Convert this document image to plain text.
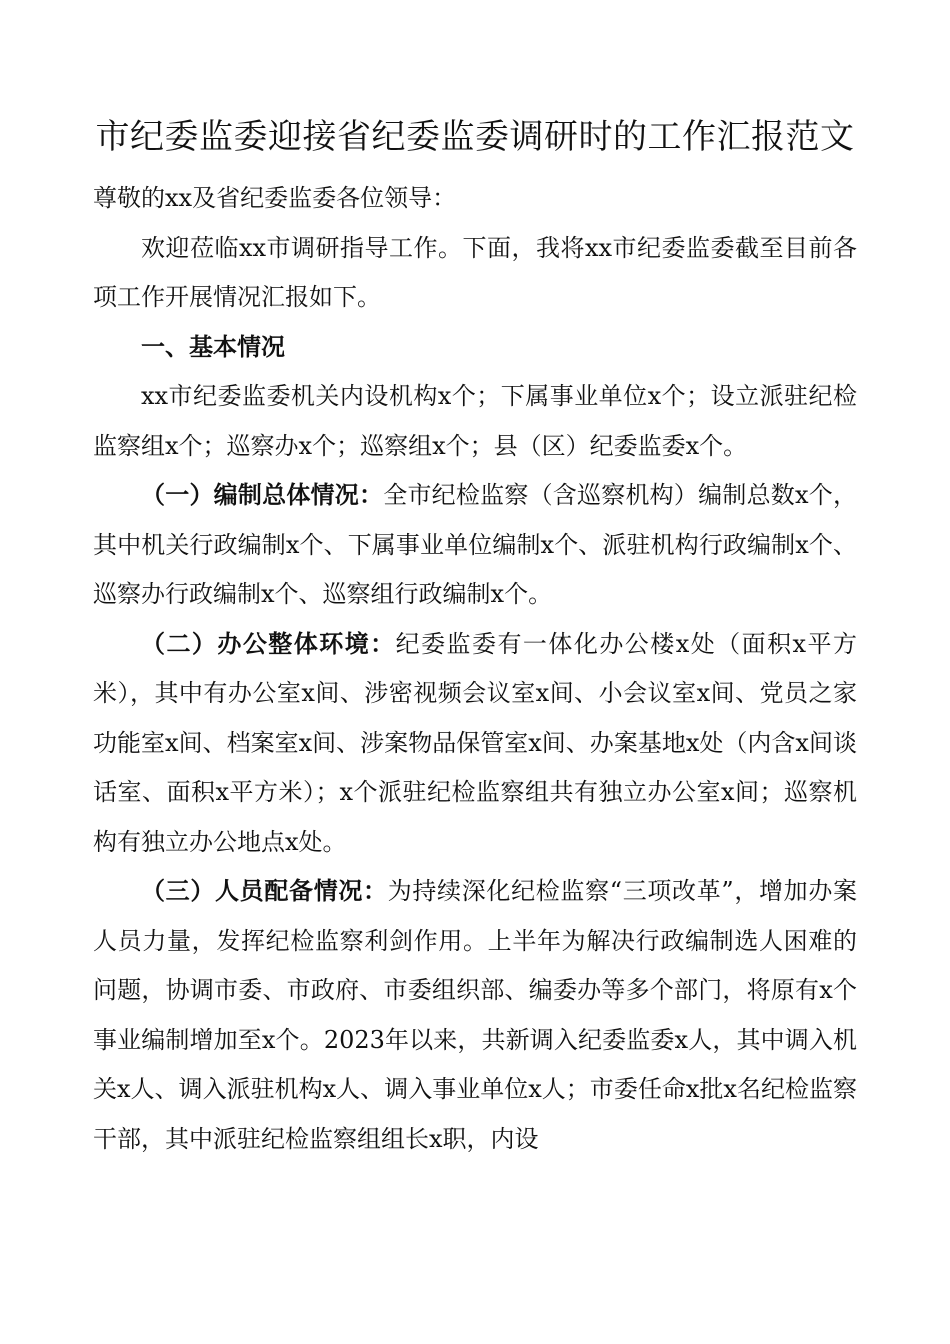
市纪委监委迎接省纪委监委调研时的工作汇报范文

尊敬的xx及省纪委监委各位领导：

欢迎莅临xx市调研指导工作。下面，我将xx市纪委监委截至目前各项工作开展情况汇报如下。

一、基本情况

xx市纪委监委机关内设机构x个；下属事业单位x个；设立派驻纪检监察组x个；巡察办x个；巡察组x个；县（区）纪委监委x个。

（一）编制总体情况：全市纪检监察（含巡察机构）编制总数x个，其中机关行政编制x个、下属事业单位编制x个、派驻机构行政编制x个、巡察办行政编制x个、巡察组行政编制x个。

（二）办公整体环境：纪委监委有一体化办公楼x处（面积x平方米），其中有办公室x间、涉密视频会议室x间、小会议室x间、党员之家功能室x间、档案室x间、涉案物品保管室x间、办案基地x处（内含x间谈话室、面积x平方米）；x个派驻纪检监察组共有独立办公室x间；巡察机构有独立办公地点x处。

（三）人员配备情况：为持续深化纪检监察“三项改革”，增加办案人员力量，发挥纪检监察利剑作用。上半年为解决行政编制选人困难的问题，协调市委、市政府、市委组织部、编委办等多个部门，将原有x个事业编制增加至x个。2023年以来，共新调入纪委监委x人，其中调入机关x人、调入派驻机构x人、调入事业单位x人；市委任命x批x名纪检监察干部，其中派驻纪检监察组组长x职，内设
